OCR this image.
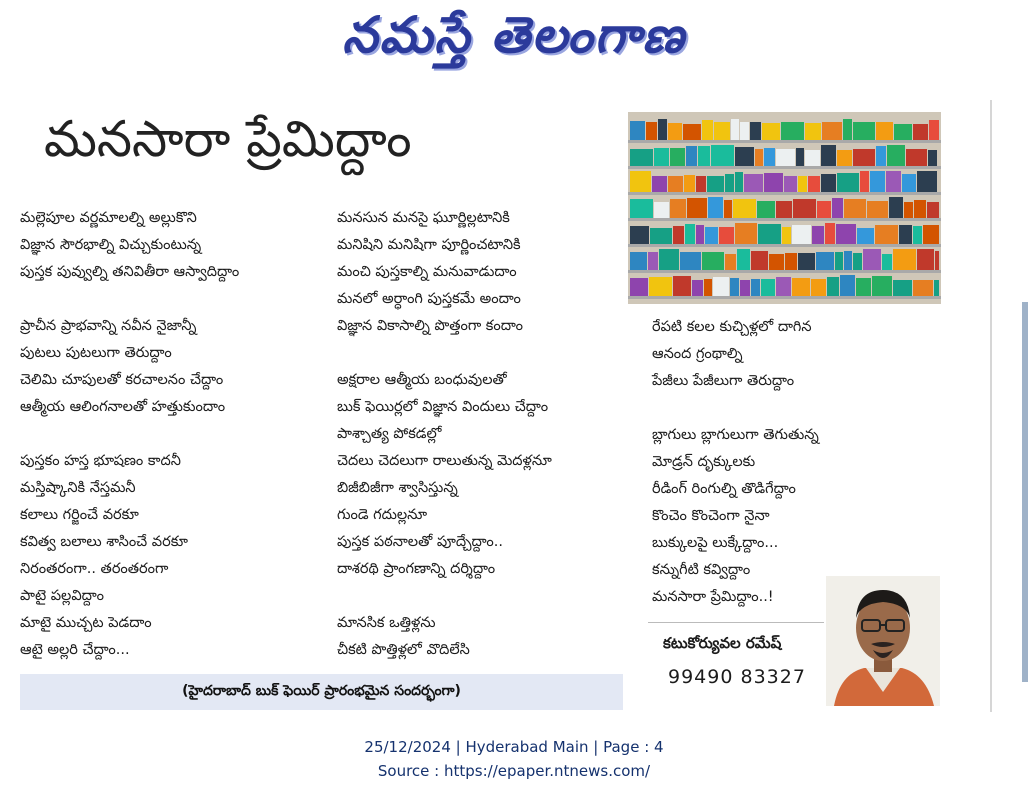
నమస్తే తెలంగాణ
మనసారా ప్రేమిద్దాం
మల్లెపూల వర్ణమాలల్ని అల్లుకొని
విజ్ఞాన సౌరభాల్ని విచ్చుకుంటున్న
పుస్తక పువ్వుల్ని తనివితీరా ఆస్వాదిద్దాం
ప్రాచీన ప్రాభవాన్ని నవీన నైజాన్నీ
పుటలు పుటలుగా తెరుద్దాం
చెలిమి చూపులతో కరచాలనం చేద్దాం
ఆత్మీయ ఆలింగనాలతో హత్తుకుందాం
పుస్తకం హస్త భూషణం కాదనీ
మస్తిష్కానికి నేస్తమనీ
కలాలు గర్జించే వరకూ
కవిత్వ బలాలు శాసించే వరకూ
నిరంతరంగా.. తరంతరంగా
పాటై పల్లవిద్దాం
మాటై ముచ్చట పెడదాం
ఆటై అల్లరి చేద్దాం...
మనసున మనసై ఘూర్ణిల్లటానికి
మనిషిని మనిషిగా పూర్ణించటానికి
మంచి పుస్తకాల్ని మనువాడుదాం
మనలో అర్ధాంగి పుస్తకమే అందాం
విజ్ఞాన వికాసాల్ని పొత్తంగా కందాం
అక్షరాల ఆత్మీయ బంధువులతో
బుక్ ఫెయిర్లలో విజ్ఞాన విందులు చేద్దాం
పాశ్చాత్య పోకడల్లో
చెదలు చెదలుగా రాలుతున్న మెదళ్లనూ
బిజీబిజీగా శ్వాసిస్తున్న
గుండె గదుల్లనూ
పుస్తక పఠనాలతో పూద్చేద్దాం..
దాశరథి ప్రాంగణాన్ని దర్శిద్దాం
మానసిక ఒత్తిళ్లను
చీకటి పొత్తిళ్లలో వొదిలేసి
రేపటి కలల కుచ్చిళ్లలో దాగిన
ఆనంద గ్రంథాల్ని
పేజీలు పేజీలుగా తెరుద్దాం
బ్లాగులు బ్లాగులుగా తెగుతున్న
మోడ్రన్ దృక్కులకు
రీడింగ్ రింగుల్ని తొడిగేద్దాం
కొంచెం కొంచెంగా నైనా
బుక్కులపై లుక్కేద్దాం...
కన్నుగీటి కవ్విద్దాం
మనసారా ప్రేమిద్దాం..!
కటుకోర్యువల రమేష్
99490 83327
(హైదరాబాద్ బుక్ ఫెయిర్ ప్రారంభమైన సందర్భంగా)
25/12/2024 | Hyderabad Main | Page : 4
Source : https://epaper.ntnews.com/
